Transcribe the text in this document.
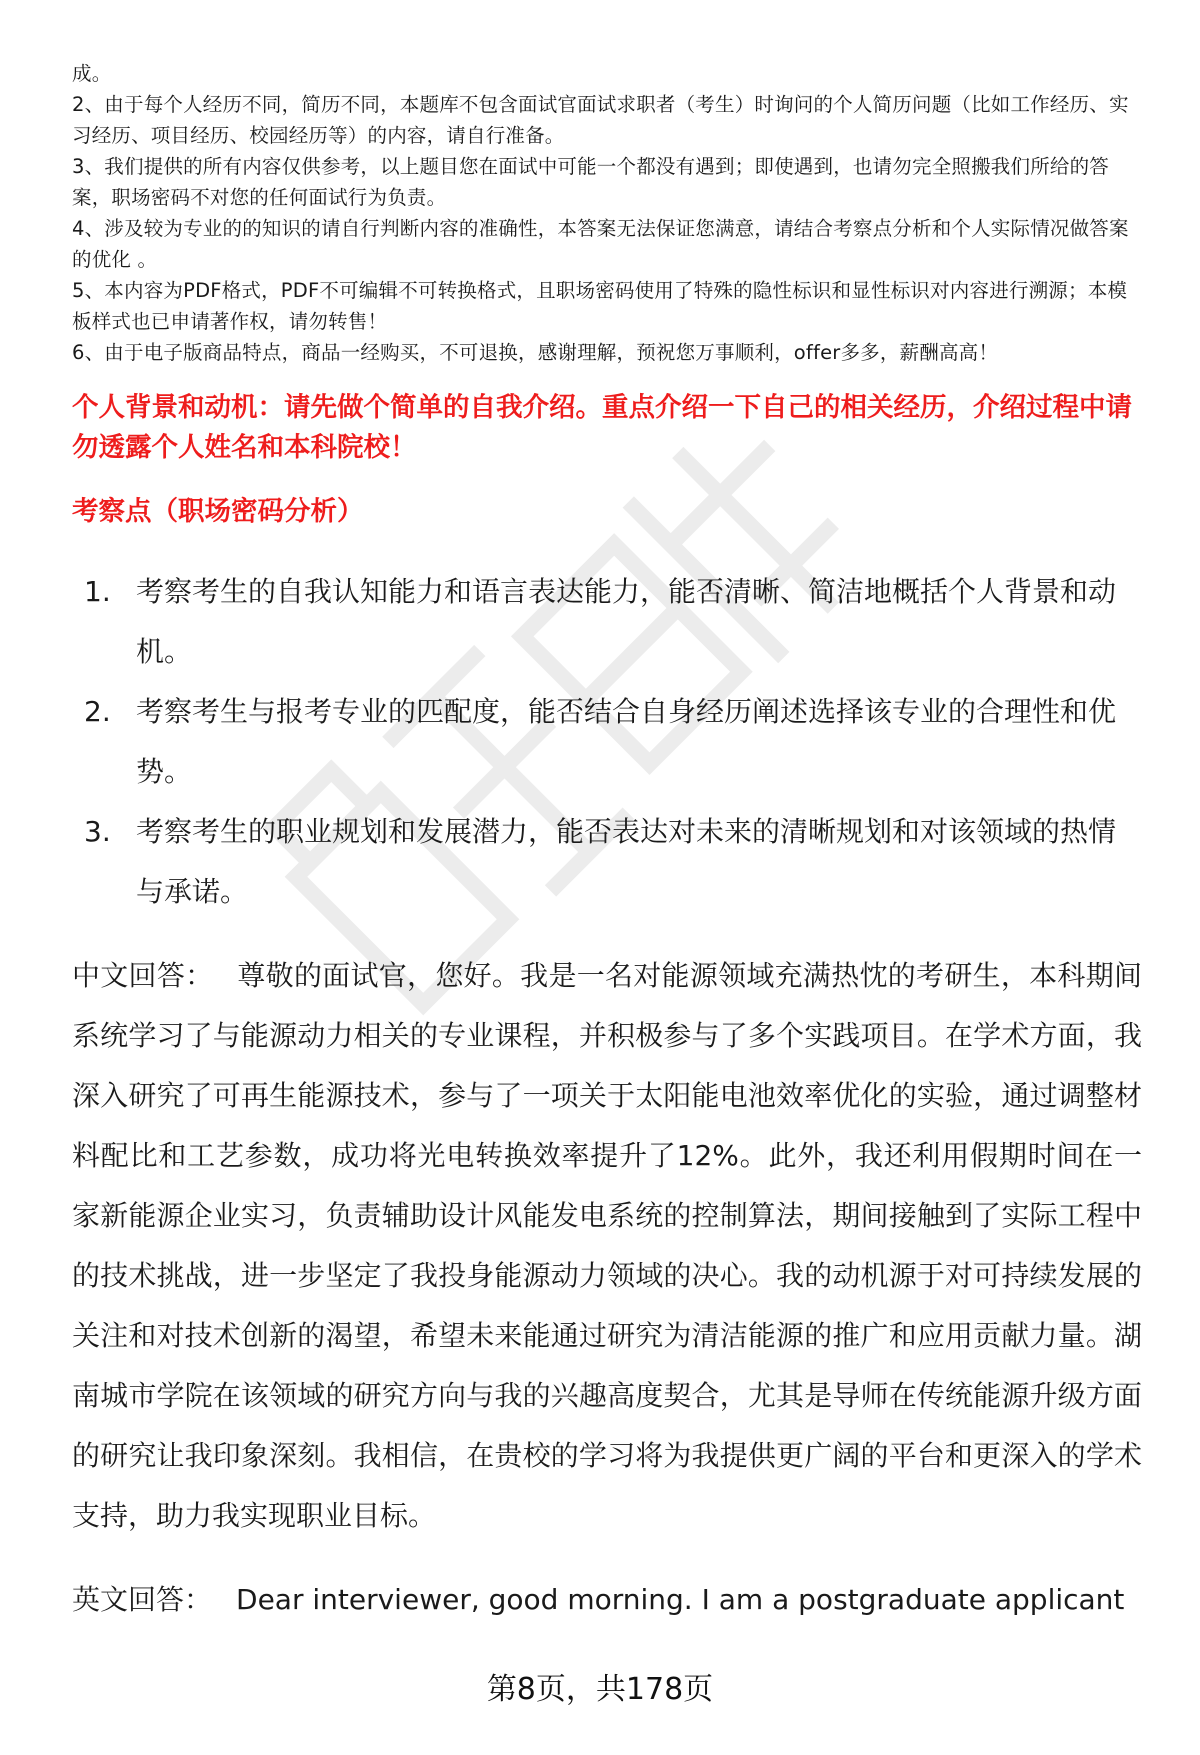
成。

2、由于每个人经历不同，简历不同，本题库不包含面试官面试求职者（考生）时询问的个人简历问题（比如工作经历、实习经历、项目经历、校园经历等）的内容，请自行准备。

3、我们提供的所有内容仅供参考，以上题目您在面试中可能一个都没有遇到；即使遇到，也请勿完全照搬我们所给的答案，职场密码不对您的任何面试行为负责。

4、涉及较为专业的的知识的请自行判断内容的准确性，本答案无法保证您满意，请结合考察点分析和个人实际情况做答案的优化 。

5、本内容为PDF格式，PDF不可编辑不可转换格式，且职场密码使用了特殊的隐性标识和显性标识对内容进行溯源；本模板样式也已申请著作权，请勿转售！

6、由于电子版商品特点，商品一经购买，不可退换，感谢理解，预祝您万事顺利，offer多多，薪酬高高！

个人背景和动机：请先做个简单的自我介绍。重点介绍一下自己的相关经历，介绍过程中请勿透露个人姓名和本科院校！
考察点（职场密码分析）
1. 考察考生的自我认知能力和语言表达能力，能否清晰、简洁地概括个人背景和动机。
2. 考察考生与报考专业的匹配度，能否结合自身经历阐述选择该专业的合理性和优势。
3. 考察考生的职业规划和发展潜力，能否表达对未来的清晰规划和对该领域的热情与承诺。

中文回答： 尊敬的面试官，您好。我是一名对能源领域充满热忱的考研生，本科期间系统学习了与能源动力相关的专业课程，并积极参与了多个实践项目。在学术方面，我深入研究了可再生能源技术，参与了一项关于太阳能电池效率优化的实验，通过调整材料配比和工艺参数，成功将光电转换效率提升了12%。此外，我还利用假期时间在一家新能源企业实习，负责辅助设计风能发电系统的控制算法，期间接触到了实际工程中的技术挑战，进一步坚定了我投身能源动力领域的决心。我的动机源于对可持续发展的关注和对技术创新的渴望，希望未来能通过研究为清洁能源的推广和应用贡献力量。湖南城市学院在该领域的研究方向与我的兴趣高度契合，尤其是导师在传统能源升级方面的研究让我印象深刻。我相信，在贵校的学习将为我提供更广阔的平台和更深入的学术支持，助力我实现职业目标。

英文回答： Dear interviewer, good morning. I am a postgraduate applicant

第8页，共178页
